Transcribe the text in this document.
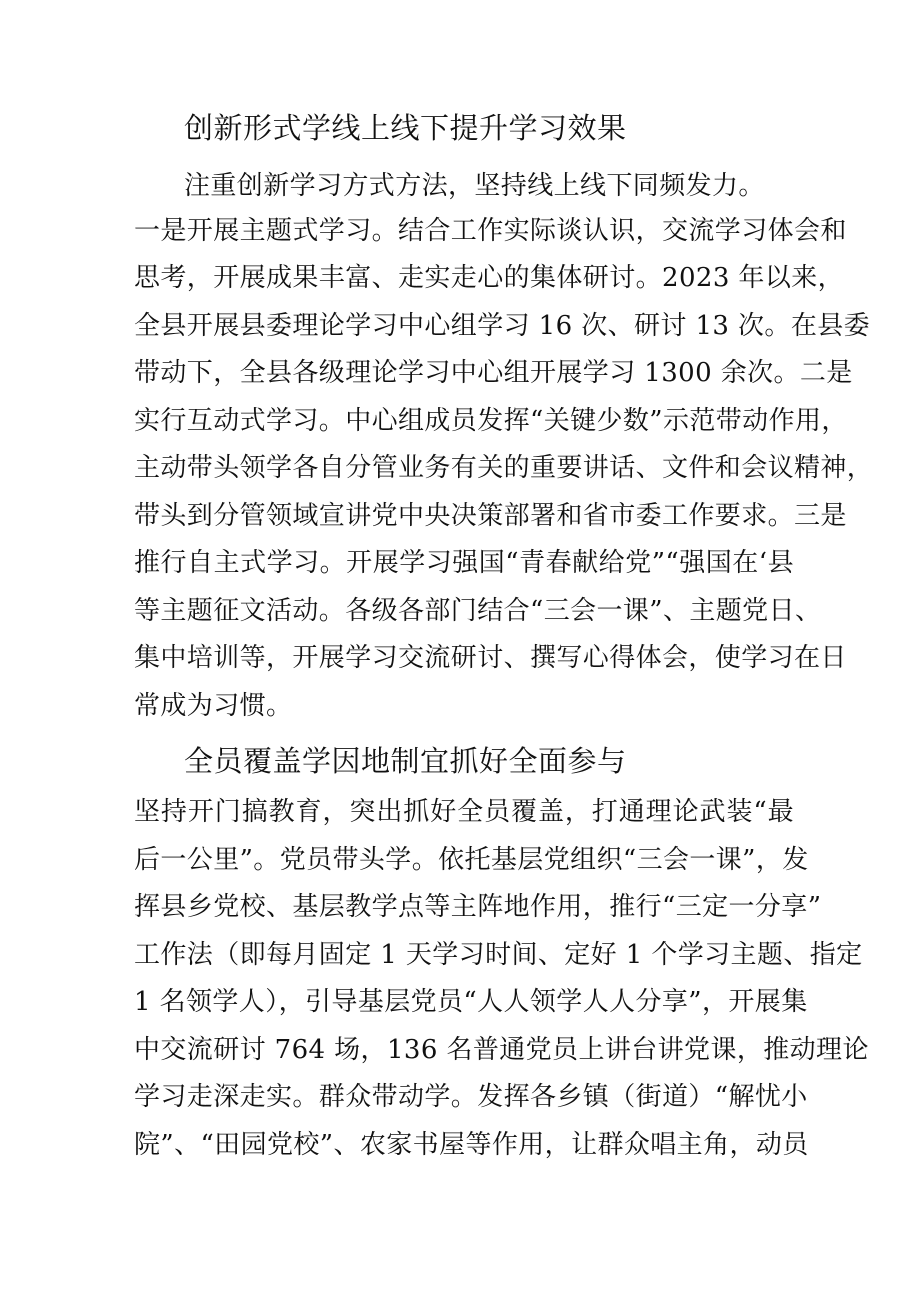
创新形式学线上线下提升学习效果
注重创新学习方式方法，坚持线上线下同频发力。
一是开展主题式学习。结合工作实际谈认识，交流学习体会和
思考，开展成果丰富、走实走心的集体研讨。2023 年以来，
全县开展县委理论学习中心组学习 16 次、研讨 13 次。在县委
带动下，全县各级理论学习中心组开展学习 1300 余次。二是
实行互动式学习。中心组成员发挥“关键少数”示范带动作用，
主动带头领学各自分管业务有关的重要讲话、文件和会议精神，
带头到分管领域宣讲党中央决策部署和省市委工作要求。三是
推行自主式学习。开展学习强国“青春献给党”“强国在‘县
等主题征文活动。各级各部门结合“三会一课”、主题党日、
集中培训等，开展学习交流研讨、撰写心得体会，使学习在日
常成为习惯。
全员覆盖学因地制宜抓好全面参与
坚持开门搞教育，突出抓好全员覆盖，打通理论武装“最
后一公里”。党员带头学。依托基层党组织“三会一课”，发
挥县乡党校、基层教学点等主阵地作用，推行“三定一分享”
工作法（即每月固定 1 天学习时间、定好 1 个学习主题、指定
1 名领学人），引导基层党员“人人领学人人分享”，开展集
中交流研讨 764 场，136 名普通党员上讲台讲党课，推动理论
学习走深走实。群众带动学。发挥各乡镇（街道）“解忧小
院”、“田园党校”、农家书屋等作用，让群众唱主角，动员
